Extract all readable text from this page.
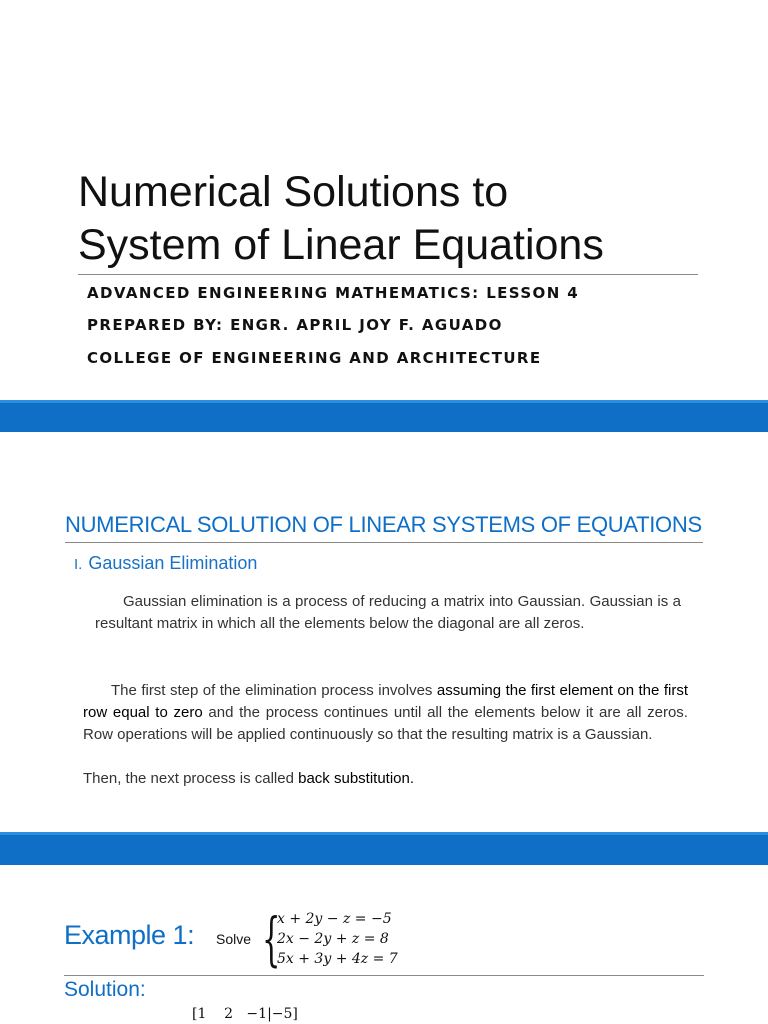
Numerical Solutions to
System of Linear Equations
ADVANCED ENGINEERING MATHEMATICS: LESSON 4
PREPARED BY: ENGR. APRIL JOY F. AGUADO
COLLEGE OF ENGINEERING AND ARCHITECTURE
NUMERICAL SOLUTION OF LINEAR SYSTEMS OF EQUATIONS
I. Gaussian Elimination
Gaussian elimination is a process of reducing a matrix into Gaussian. Gaussian is a resultant matrix in which all the elements below the diagonal are all zeros.
The first step of the elimination process involves assuming the first element on the first row equal to zero and the process continues until all the elements below it are all zeros. Row operations will be applied continuously so that the resulting matrix is a Gaussian.
Then, the next process is called back substitution.
Example 1: Solve {
x + 2y − z = −5
2x − 2y + z = 8
5x + 3y + 4z = 7
Solution:
[1    2   −1|−5]
